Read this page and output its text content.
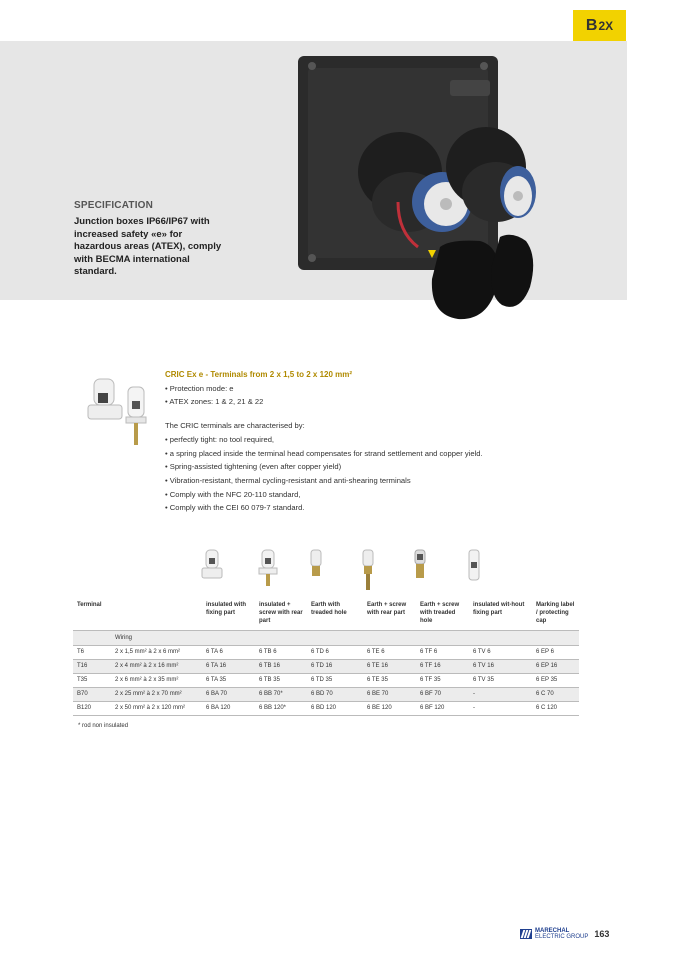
B 2X
SPECIFICATION
Junction boxes IP66/IP67 with increased safety «e» for hazardous areas (ATEX), comply with BECMA international standard.
CRIC Ex e - Terminals from 2 x 1,5 to 2 x 120 mm²
• Protection mode: e
• ATEX zones: 1 & 2, 21 & 22
The CRIC terminals are characterised by:
• perfectly tight: no tool required,
• a spring placed inside the terminal head compensates for strand settlement and copper yield.
• Spring-assisted tightening (even after copper yield)
• Vibration-resistant, thermal cycling-resistant and anti-shearing terminals
• Comply with the NFC 20-110 standard,
• Comply with the CEI 60 079-7 standard.
Terminal		insulated with fixing part	insulated + screw with rear part	Earth with treaded hole	Earth + screw with rear part	Earth + screw with treaded hole	insulated wit-hout fixing part	Marking label / protecting cap
	Wiring							
T6	2 x 1,5 mm² à 2 x 6 mm²	6 TA 6	6 TB 6	6 TD 6	6 TE 6	6 TF 6	6 TV 6	6 EP 6
T16	2 x 4 mm² à 2 x 16 mm²	6 TA 16	6 TB 16	6 TD 16	6 TE 16	6 TF 16	6 TV 16	6 EP 16
T35	2 x 6 mm² à 2 x 35 mm²	6 TA 35	6 TB 35	6 TD 35	6 TE 35	6 TF 35	6 TV 35	6 EP 35
B70	2 x 25 mm² à 2 x 70 mm²	6 BA 70	6 BB 70*	6 BD 70	6 BE 70	6 BF 70	-	6 C 70
B120	2 x 50 mm² à 2 x 120 mm²	6 BA 120	6 BB 120*	6 BD 120	6 BE 120	6 BF 120	-	6 C 120
* rod non insulated
MARECHAL
ELECTRIC GROUP 163
